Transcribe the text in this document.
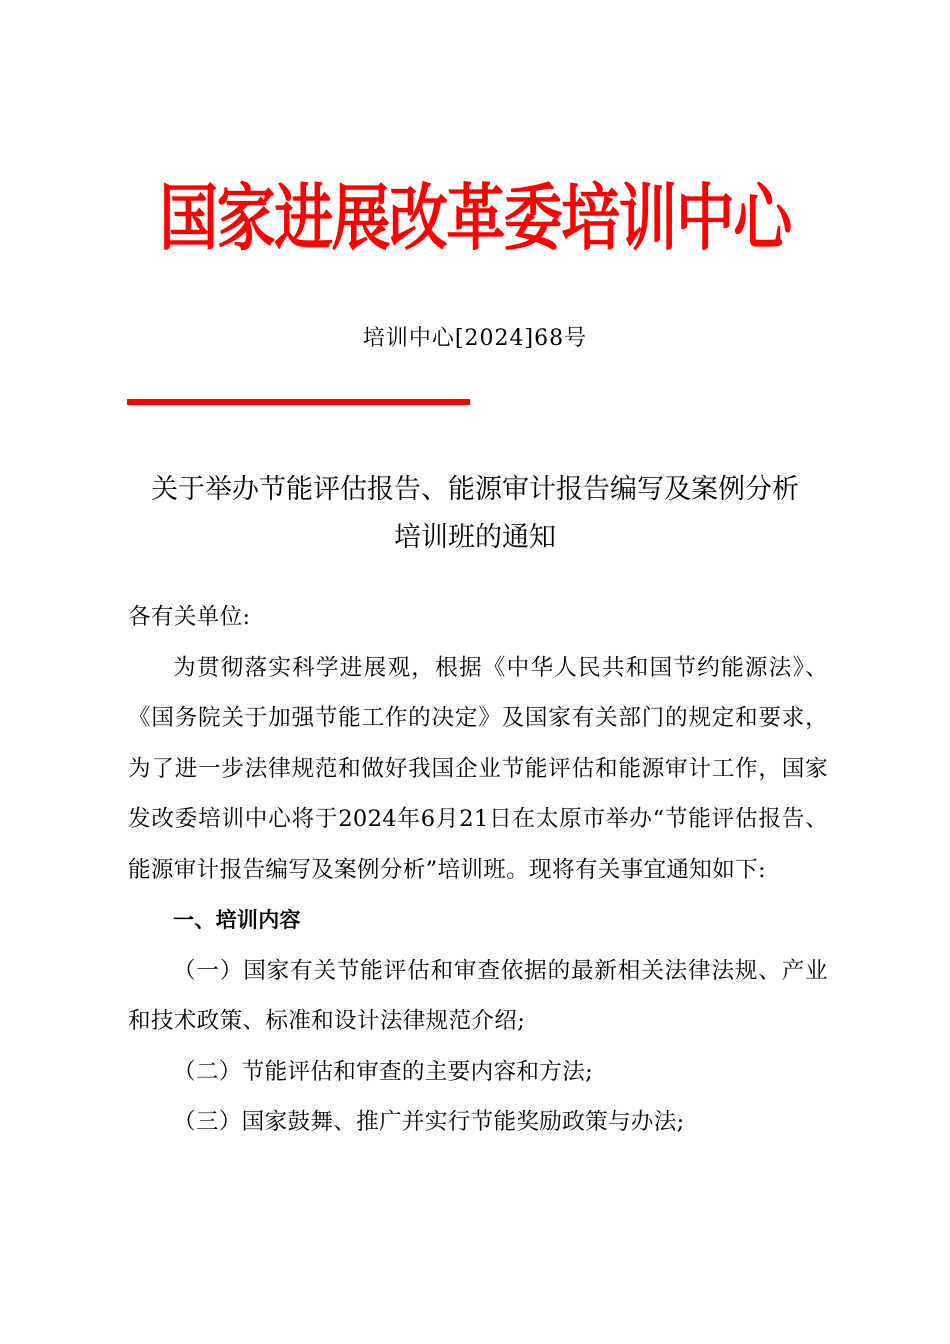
国家进展改革委培训中心
培训中心[2024]68号
关于举办节能评估报告、能源审计报告编写及案例分析
培训班的通知

各有关单位:

为贯彻落实科学进展观，根据《中华人民共和国节约能源法》、《国务院关于加强节能工作的决定》及国家有关部门的规定和要求，为了进一步法律规范和做好我国企业节能评估和能源审计工作，国家发改委培训中心将于2024年6月21日在太原市举办“节能评估报告、能源审计报告编写及案例分析”培训班。现将有关事宜通知如下:

一、培训内容

（一）国家有关节能评估和审查依据的最新相关法律法规、产业和技术政策、标准和设计法律规范介绍;

（二）节能评估和审查的主要内容和方法;

（三）国家鼓舞、推广并实行节能奖励政策与办法;
